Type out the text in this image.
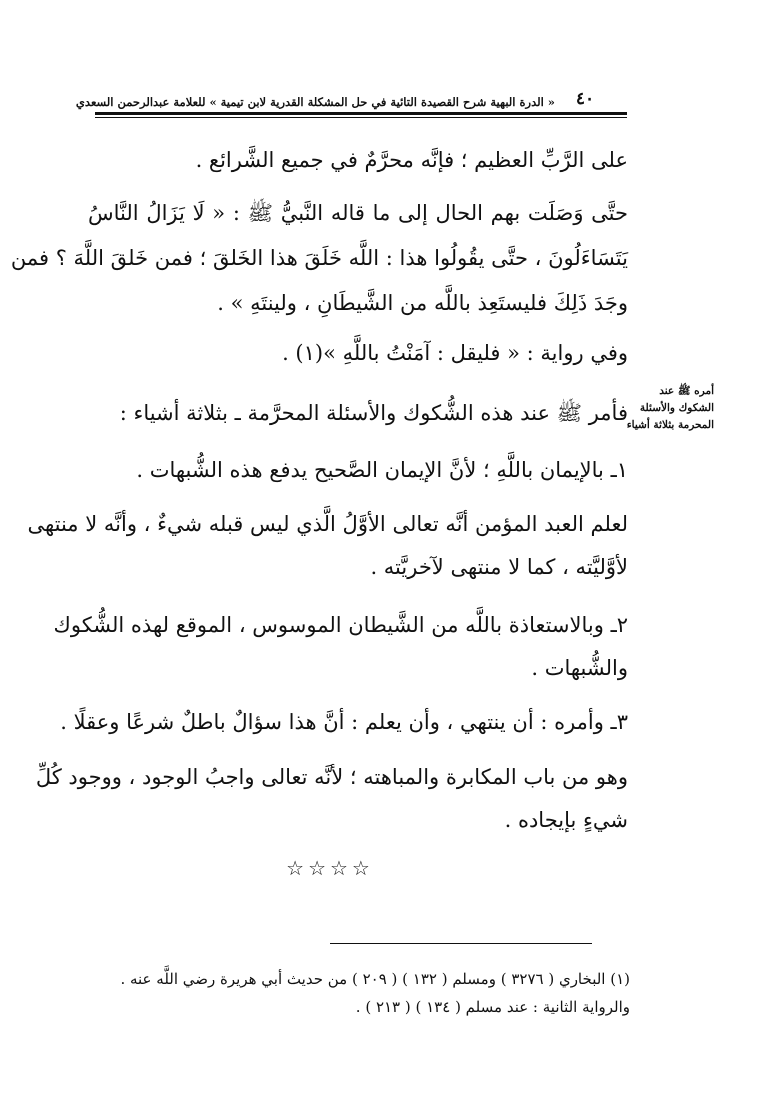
٤٠
« الدرة البهية شرح القصيدة التائية في حل المشكلة القدرية لابن تيمية » للعلامة عبدالرحمن السعدي
على الرَّبِّ العظيم ؛ فإنَّه محرَّمٌ في جميع الشَّرائع .
حتَّى وَصَلَت بهم الحال إلى ما قاله النَّبيُّ ﷺ : « لَا يَزَالُ النَّاسُ
يَتَسَاءَلُونَ ، حتَّى يقُولُوا هذا : اللَّه خَلَقَ هذا الخَلقَ ؛ فمن خَلقَ اللَّهَ ؟ فمن
وجَدَ ذَلِكَ فليستَعِذ باللَّه من الشَّيطَانِ ، ولينتَهِ » .
وفي رواية : « فليقل : آمَنْتُ باللَّهِ »(١) .
فأمر ﷺ عند هذه الشُّكوك والأسئلة المحرَّمة ـ بثلاثة أشياء :
١ـ بالإيمان باللَّهِ ؛ لأنَّ الإيمان الصَّحيح يدفع هذه الشُّبهات .
لعلم العبد المؤمن أنَّه تعالى الأوَّلُ الَّذي ليس قبله شيءٌ ، وأنَّه لا منتهى
لأوَّليَّته ، كما لا منتهى لآخريَّته .
٢ـ وبالاستعاذة باللَّه من الشَّيطان الموسوس ، الموقع لهذه الشُّكوك
والشُّبهات .
٣ـ وأمره : أن ينتهي ، وأن يعلم : أنَّ هذا سؤالٌ باطلٌ شرعًا وعقلًا .
وهو من باب المكابرة والمباهته ؛ لأنَّه تعالى واجبُ الوجود ، ووجود كُلِّ
شيءٍ بإيجاده .
أمره ﷺ عند
الشكوك والأسئلة
المحرمة بثلاثة أشياء
☆☆☆☆
(١) البخاري ( ٣٢٧٦ ) ومسلم ( ١٣٢ ) ( ٢٠٩ ) من حديث أبي هريرة رضي اللَّه عنه .
والرواية الثانية : عند مسلم ( ١٣٤ ) ( ٢١٣ ) .
